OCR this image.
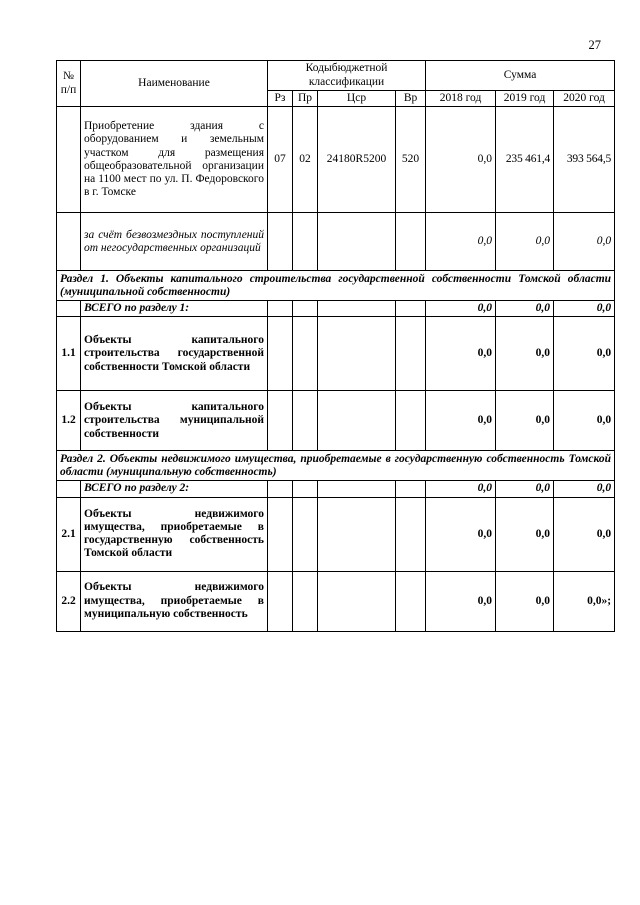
27
№ п/п	Наименование	Кодыбюджетной классификации				Сумма		
		Рз	Пр	Цср	Вр	2018 год	2019 год	2020 год
	Приобретение здания с оборудованием и земельным участком для размещения общеобразовательной организации на 1100 мест по ул. П. Федоровского в г. Томске	07	02	24180R5200	520	0,0	235 461,4	393 564,5
	за счёт безвозмездных поступлений от негосударственных организаций					0,0	0,0	0,0
Раздел 1. Объекты капитального строительства государственной собственности Томской области (муниципальной собственности)								
	ВСЕГО по разделу 1:					0,0	0,0	0,0
1.1	Объекты капитального строительства государственной собственности Томской области					0,0	0,0	0,0
1.2	Объекты капитального строительства муниципальной собственности					0,0	0,0	0,0
Раздел 2. Объекты недвижимого имущества, приобретаемые в государственную собственность Томской области (муниципальную собственность)								
	ВСЕГО по разделу 2:					0,0	0,0	0,0
2.1	Объекты недвижимого имущества, приобретаемые в государственную собственность Томской области					0,0	0,0	0,0
2.2	Объекты недвижимого имущества, приобретаемые в муниципальную собственность					0,0	0,0	0,0»;
